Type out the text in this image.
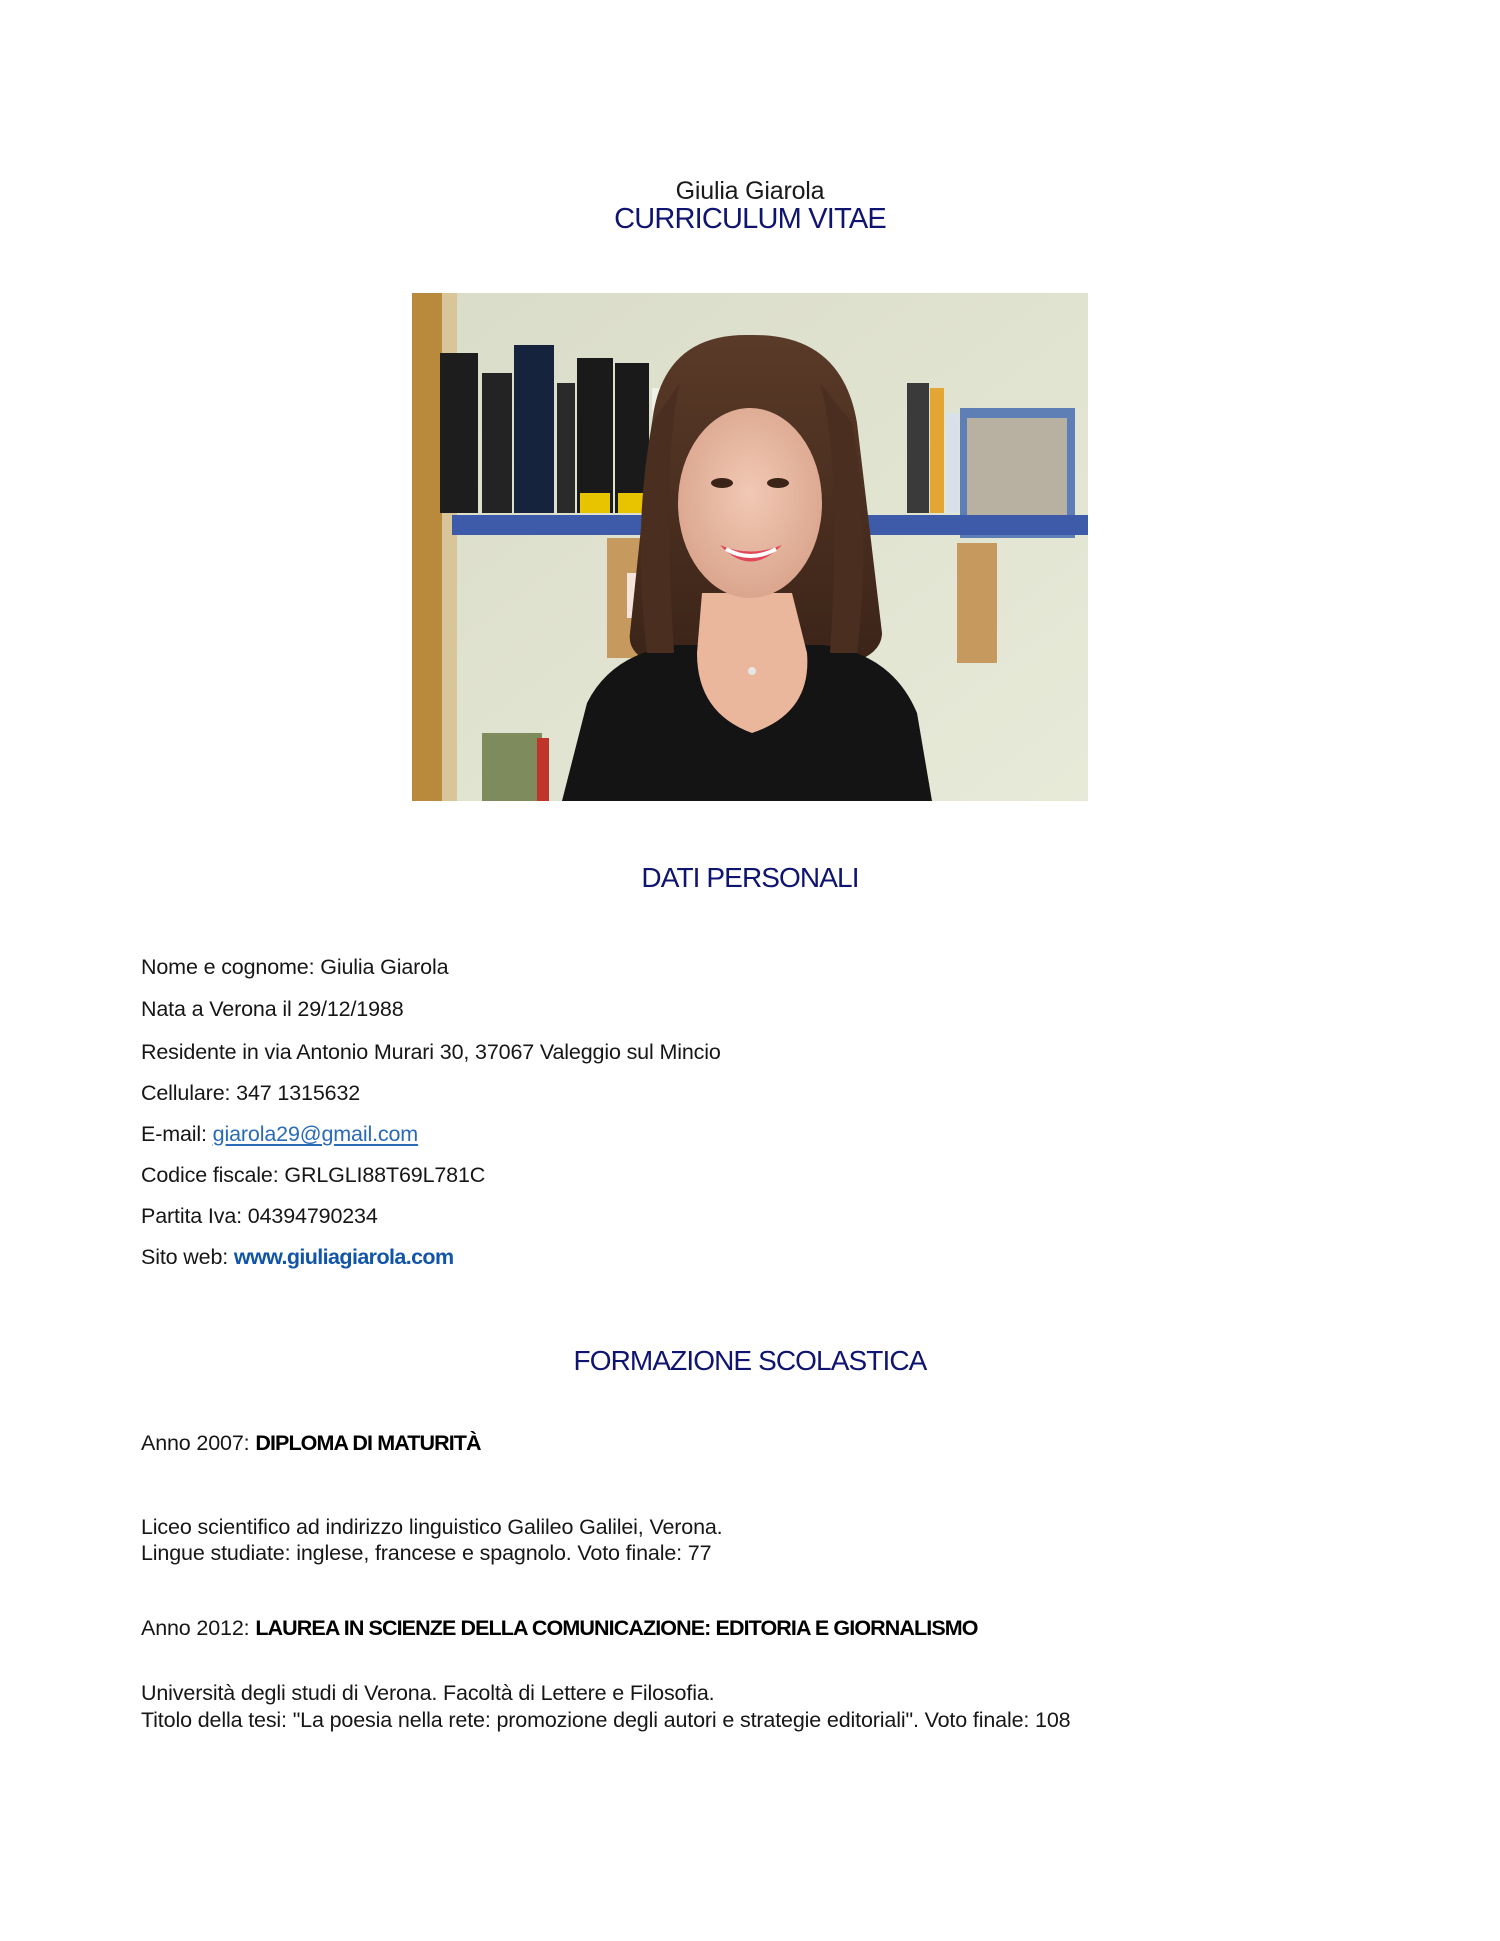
Giulia Giarola
CURRICULUM VITAE
DATI PERSONALI
Nome e cognome: Giulia Giarola
Nata a Verona il 29/12/1988
Residente in via Antonio Murari 30, 37067 Valeggio sul Mincio
Cellulare: 347 1315632
E-mail: giarola29@gmail.com
Codice fiscale: GRLGLI88T69L781C
Partita Iva: 04394790234
Sito web: www.giuliagiarola.com
FORMAZIONE SCOLASTICA
Anno 2007: DIPLOMA DI MATURITÀ
Liceo scientifico ad indirizzo linguistico Galileo Galilei, Verona.
Lingue studiate: inglese, francese e spagnolo. Voto finale: 77
Anno 2012: LAUREA IN SCIENZE DELLA COMUNICAZIONE: EDITORIA E GIORNALISMO
Università degli studi di Verona. Facoltà di Lettere e Filosofia.
Titolo della tesi: "La poesia nella rete: promozione degli autori e strategie editoriali". Voto finale: 108
